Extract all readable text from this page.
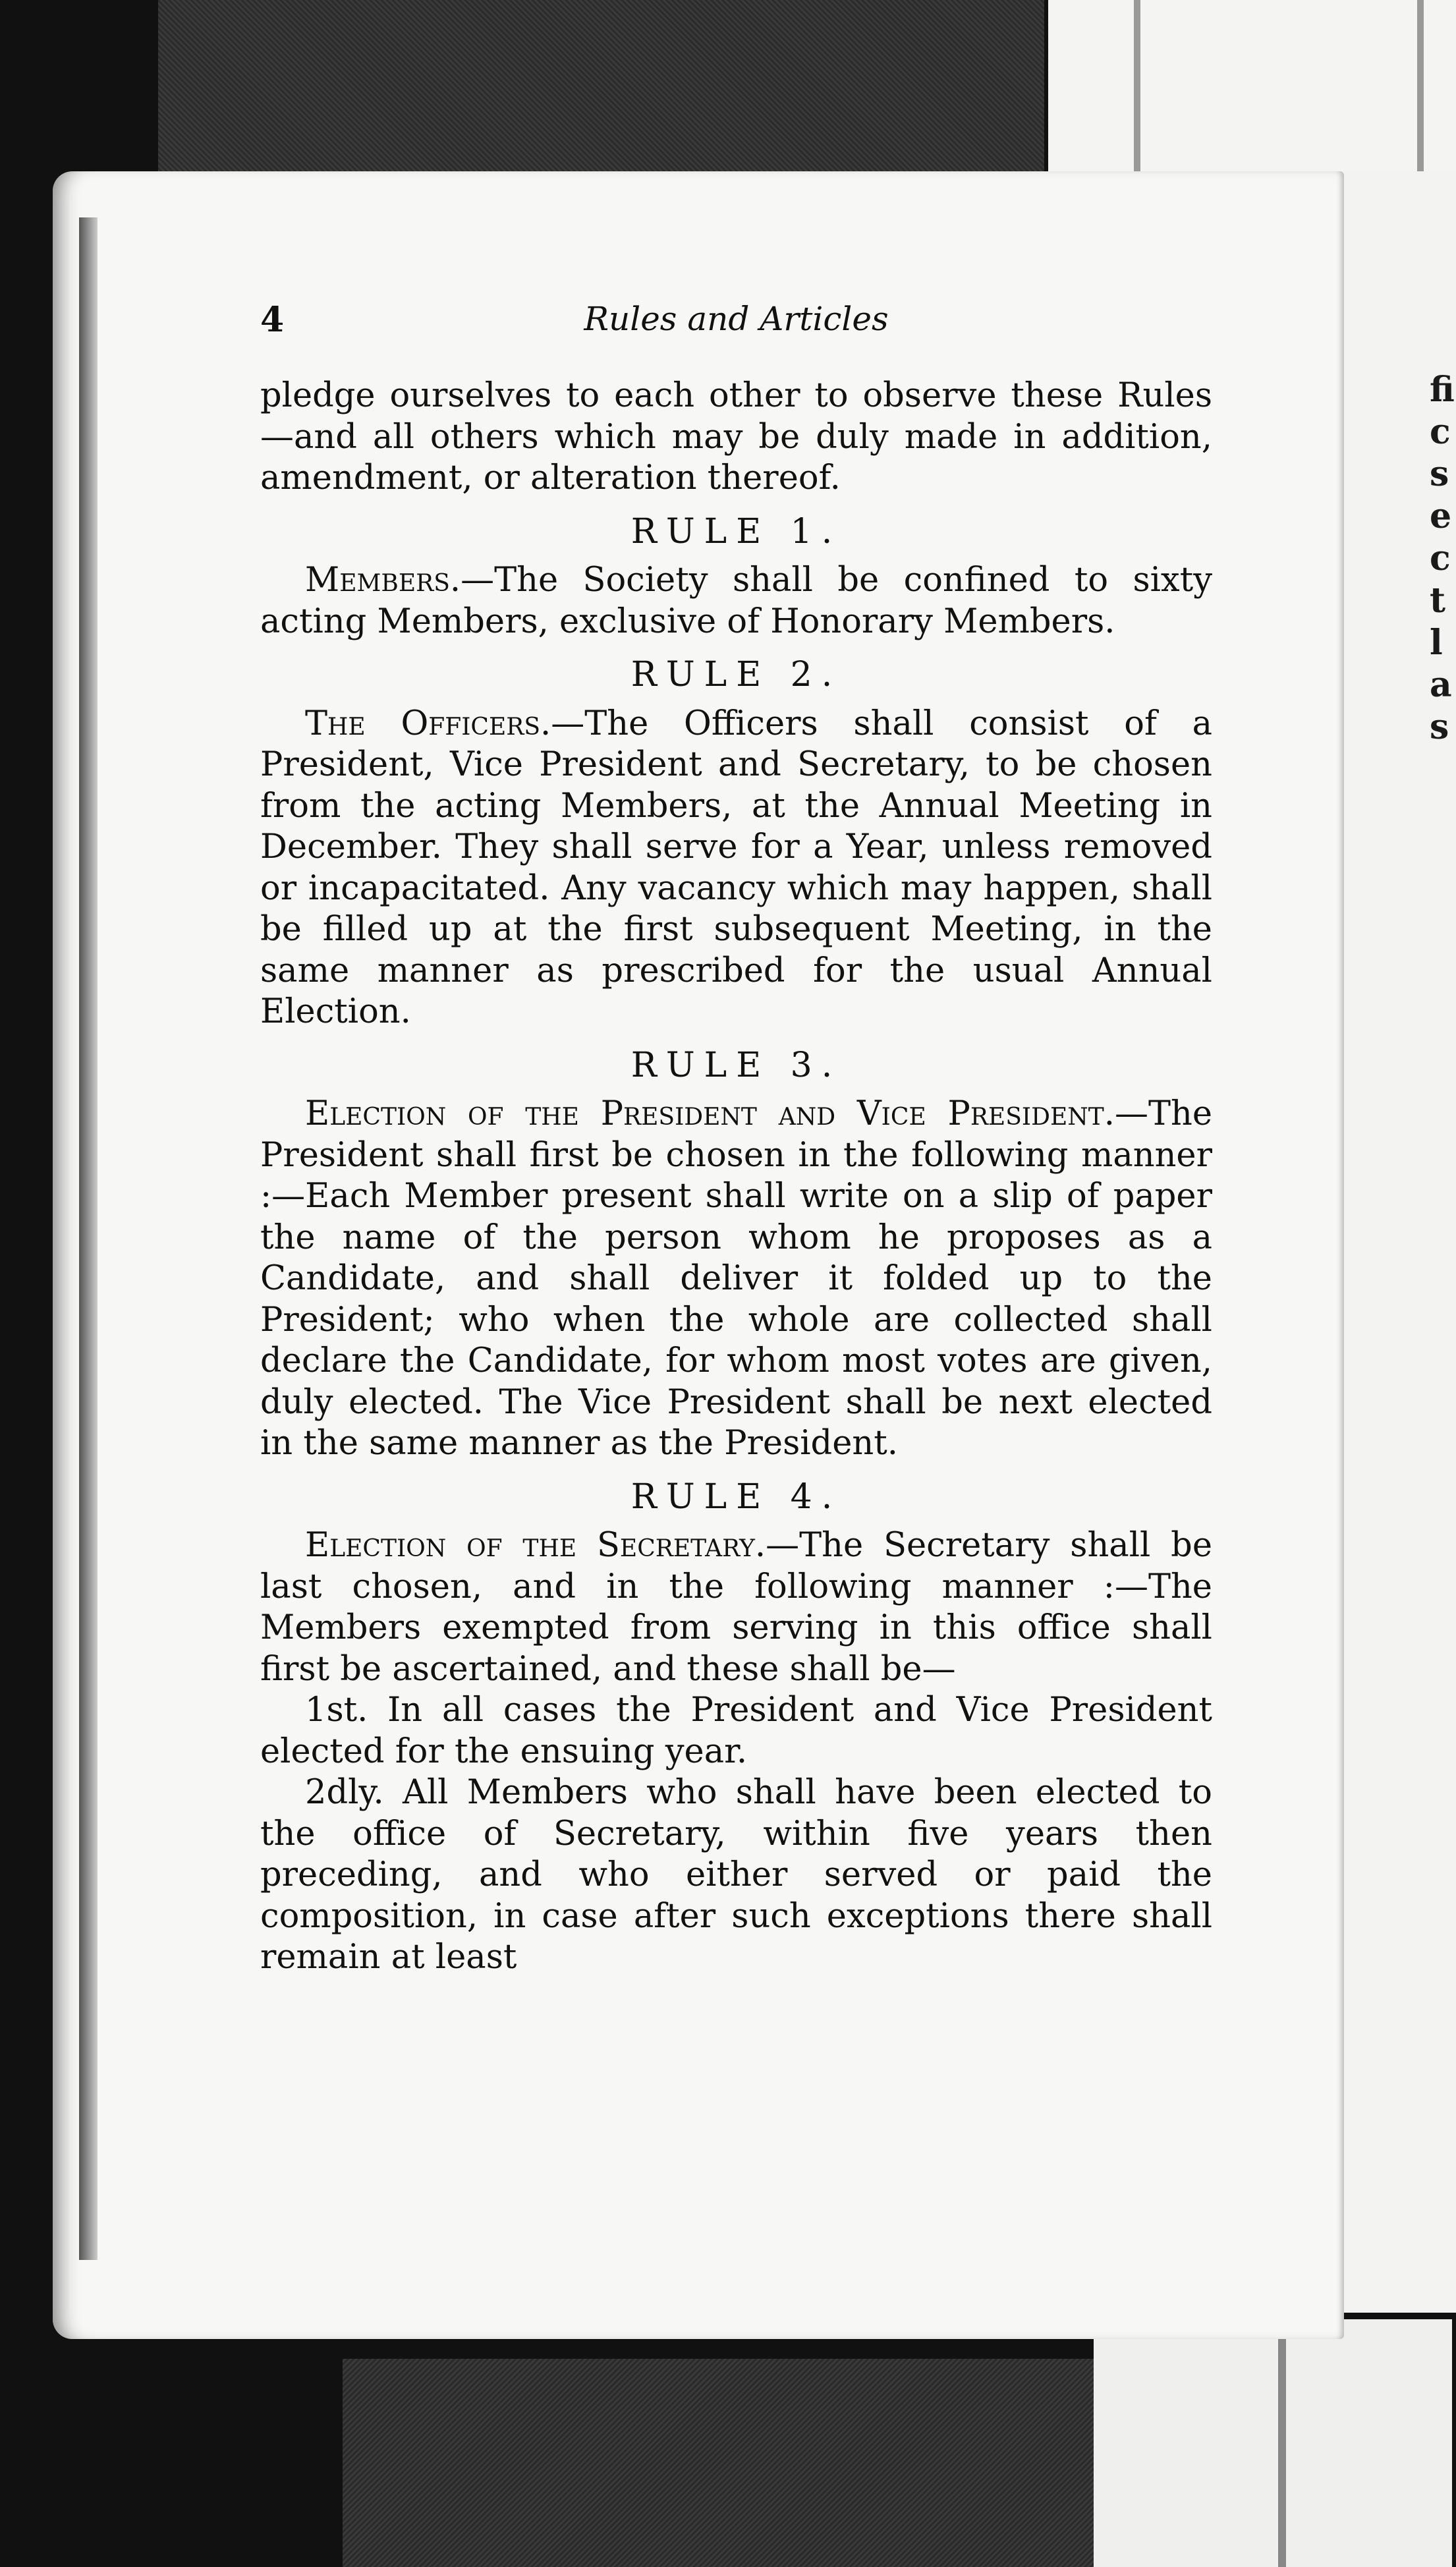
fi
c
s
e
c
t
l
a
s
4	Rules and Articles

pledge ourselves to each other to observe these Rules—and all others which may be duly made in addition, amendment, or alteration thereof.

RULE 1.

Members.—The Society shall be confined to sixty acting Members, exclusive of Honorary Members.

RULE 2.

The Officers.—The Officers shall consist of a President, Vice President and Secretary, to be chosen from the acting Members, at the Annual Meeting in December. They shall serve for a Year, unless removed or incapacitated. Any vacancy which may happen, shall be filled up at the first subsequent Meeting, in the same manner as prescribed for the usual Annual Election.

RULE 3.

Election of the President and Vice President.—The President shall first be chosen in the following manner :—Each Member present shall write on a slip of paper the name of the person whom he proposes as a Candidate, and shall deliver it folded up to the President; who when the whole are collected shall declare the Candidate, for whom most votes are given, duly elected. The Vice President shall be next elected in the same manner as the President.

RULE 4.

Election of the Secretary.—The Secretary shall be last chosen, and in the following manner :—The Members exempted from serving in this office shall first be ascertained, and these shall be—

1st. In all cases the President and Vice President elected for the ensuing year.

2dly. All Members who shall have been elected to the office of Secretary, within five years then preceding, and who either served or paid the composition, in case after such exceptions there shall remain at least
